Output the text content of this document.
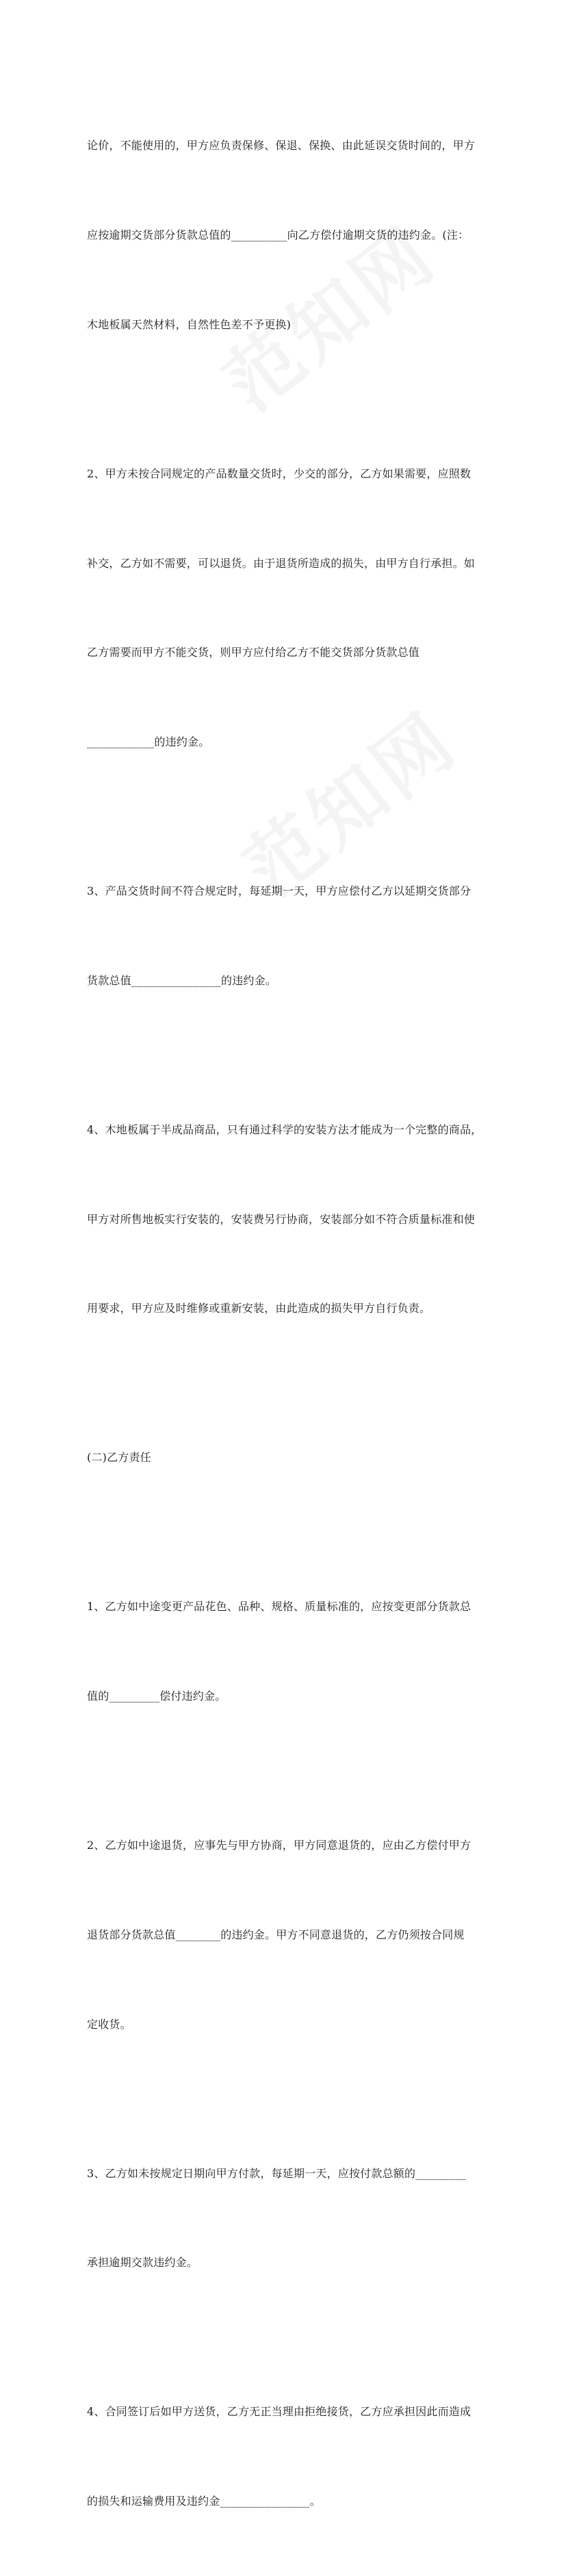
论价，不能使用的，甲方应负责保修、保退、保换、由此延误交货时间的，甲方

应按逾期交货部分货款总值的__________向乙方偿付逾期交货的违约金。(注：

木地板属天然材料，自然性色差不予更换)

2、甲方未按合同规定的产品数量交货时，少交的部分，乙方如果需要，应照数

补交，乙方如不需要，可以退货。由于退货所造成的损失，由甲方自行承担。如

乙方需要而甲方不能交货，则甲方应付给乙方不能交货部分货款总值

____________的违约金。

3、产品交货时间不符合规定时，每延期一天，甲方应偿付乙方以延期交货部分

货款总值________________的违约金。

4、木地板属于半成品商品，只有通过科学的安装方法才能成为一个完整的商品，

甲方对所售地板实行安装的，安装费另行协商，安装部分如不符合质量标准和使

用要求，甲方应及时维修或重新安装，由此造成的损失甲方自行负责。

(二)乙方责任

1、乙方如中途变更产品花色、品种、规格、质量标准的，应按变更部分货款总

值的_________偿付违约金。

2、乙方如中途退货，应事先与甲方协商，甲方同意退货的，应由乙方偿付甲方

退货部分货款总值________的违约金。甲方不同意退货的，乙方仍须按合同规

定收货。

3、乙方如未按规定日期向甲方付款，每延期一天，应按付款总额的_________

承担逾期交款违约金。

4、合同签订后如甲方送货，乙方无正当理由拒绝接货，乙方应承担因此而造成

的损失和运输费用及违约金________________。
